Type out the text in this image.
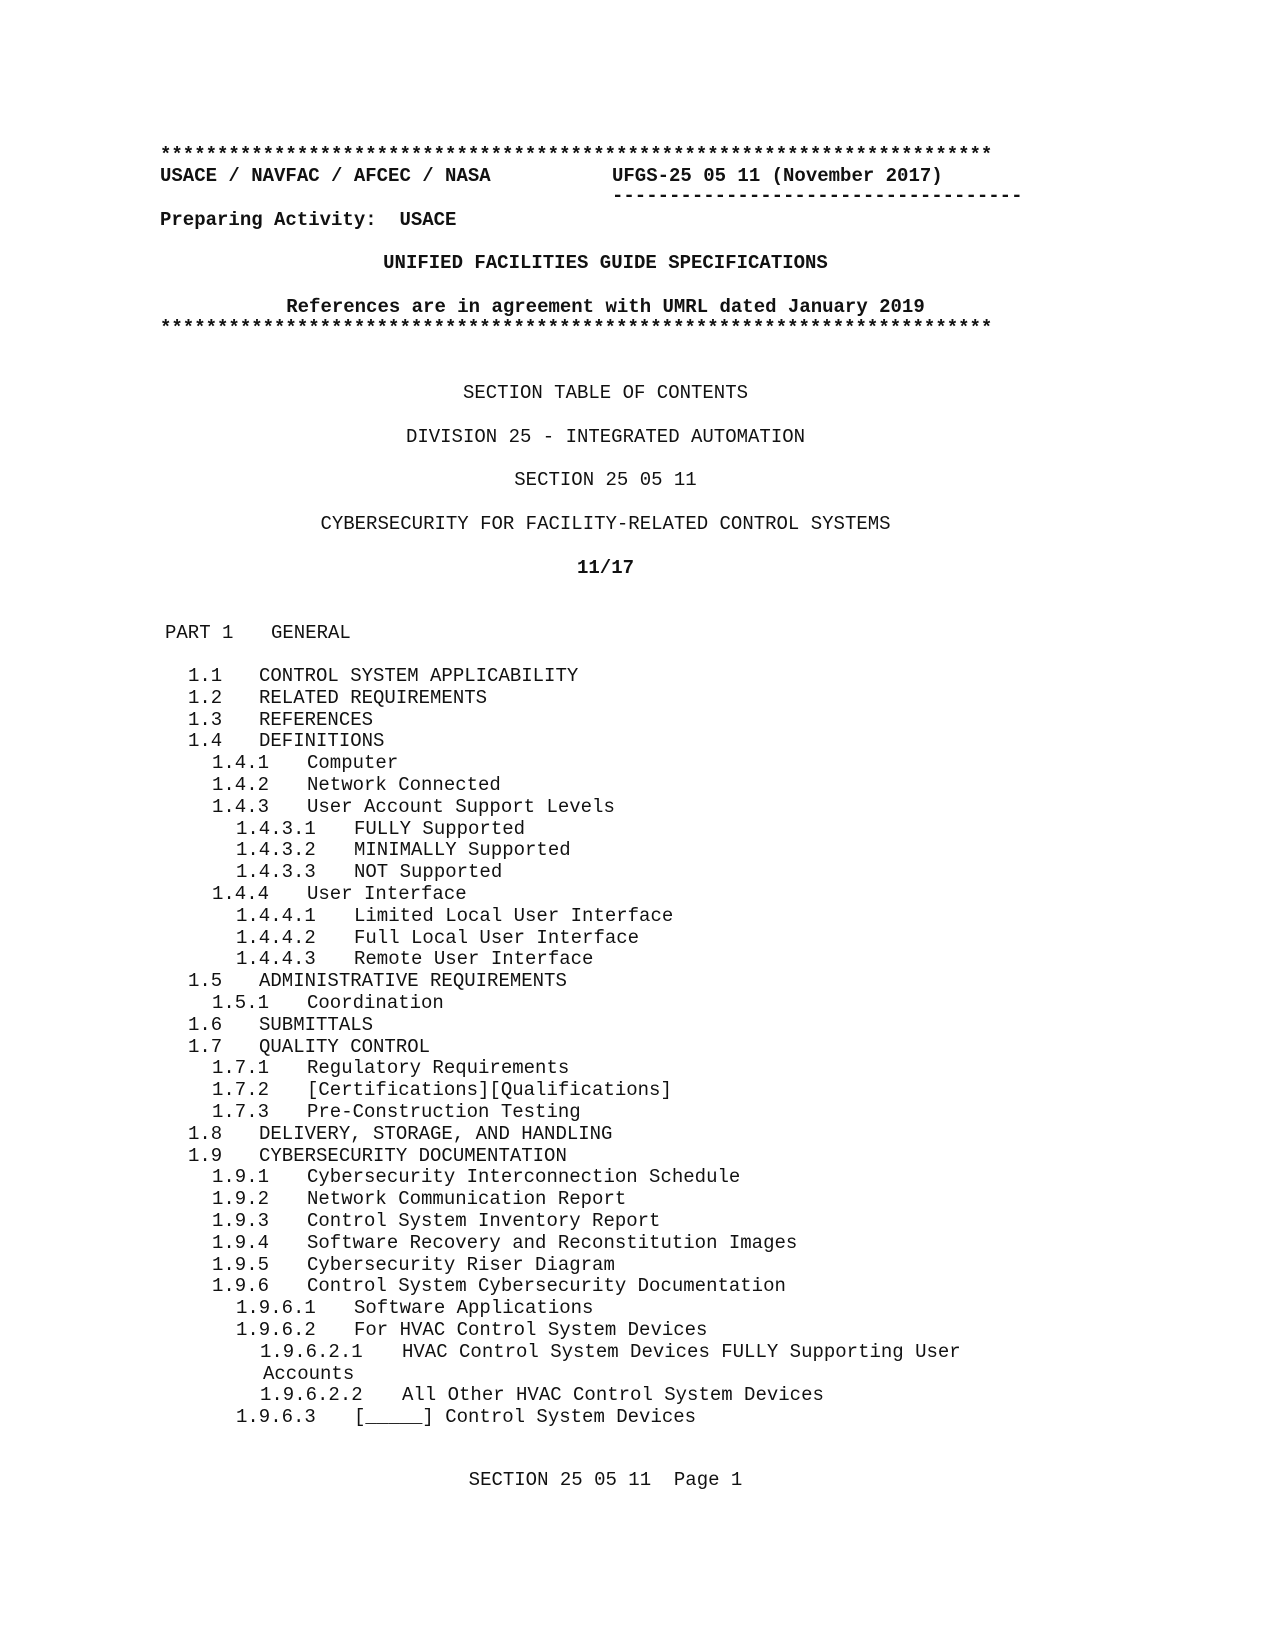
*************************************************************************
USACE / NAVFAC / AFCEC / NASA	UFGS-25 05 11 (November 2017)
------------------------------------
Preparing Activity:  USACE
UNIFIED FACILITIES GUIDE SPECIFICATIONS
References are in agreement with UMRL dated January 2019
*************************************************************************
SECTION TABLE OF CONTENTS
DIVISION 25 - INTEGRATED AUTOMATION
SECTION 25 05 11
CYBERSECURITY FOR FACILITY-RELATED CONTROL SYSTEMS
11/17
PART 1 GENERAL
1.1 CONTROL SYSTEM APPLICABILITY
1.2 RELATED REQUIREMENTS
1.3 REFERENCES
1.4 DEFINITIONS
1.4.1 Computer
1.4.2 Network Connected
1.4.3 User Account Support Levels
1.4.3.1 FULLY Supported
1.4.3.2 MINIMALLY Supported
1.4.3.3 NOT Supported
1.4.4 User Interface
1.4.4.1 Limited Local User Interface
1.4.4.2 Full Local User Interface
1.4.4.3 Remote User Interface
1.5 ADMINISTRATIVE REQUIREMENTS
1.5.1 Coordination
1.6 SUBMITTALS
1.7 QUALITY CONTROL
1.7.1 Regulatory Requirements
1.7.2 [Certifications][Qualifications]
1.7.3 Pre-Construction Testing
1.8 DELIVERY, STORAGE, AND HANDLING
1.9 CYBERSECURITY DOCUMENTATION
1.9.1 Cybersecurity Interconnection Schedule
1.9.2 Network Communication Report
1.9.3 Control System Inventory Report
1.9.4 Software Recovery and Reconstitution Images
1.9.5 Cybersecurity Riser Diagram
1.9.6 Control System Cybersecurity Documentation
1.9.6.1 Software Applications
1.9.6.2 For HVAC Control System Devices
1.9.6.2.1 HVAC Control System Devices FULLY Supporting User
Accounts
1.9.6.2.2 All Other HVAC Control System Devices
1.9.6.3 [_____] Control System Devices
SECTION 25 05 11  Page 1
